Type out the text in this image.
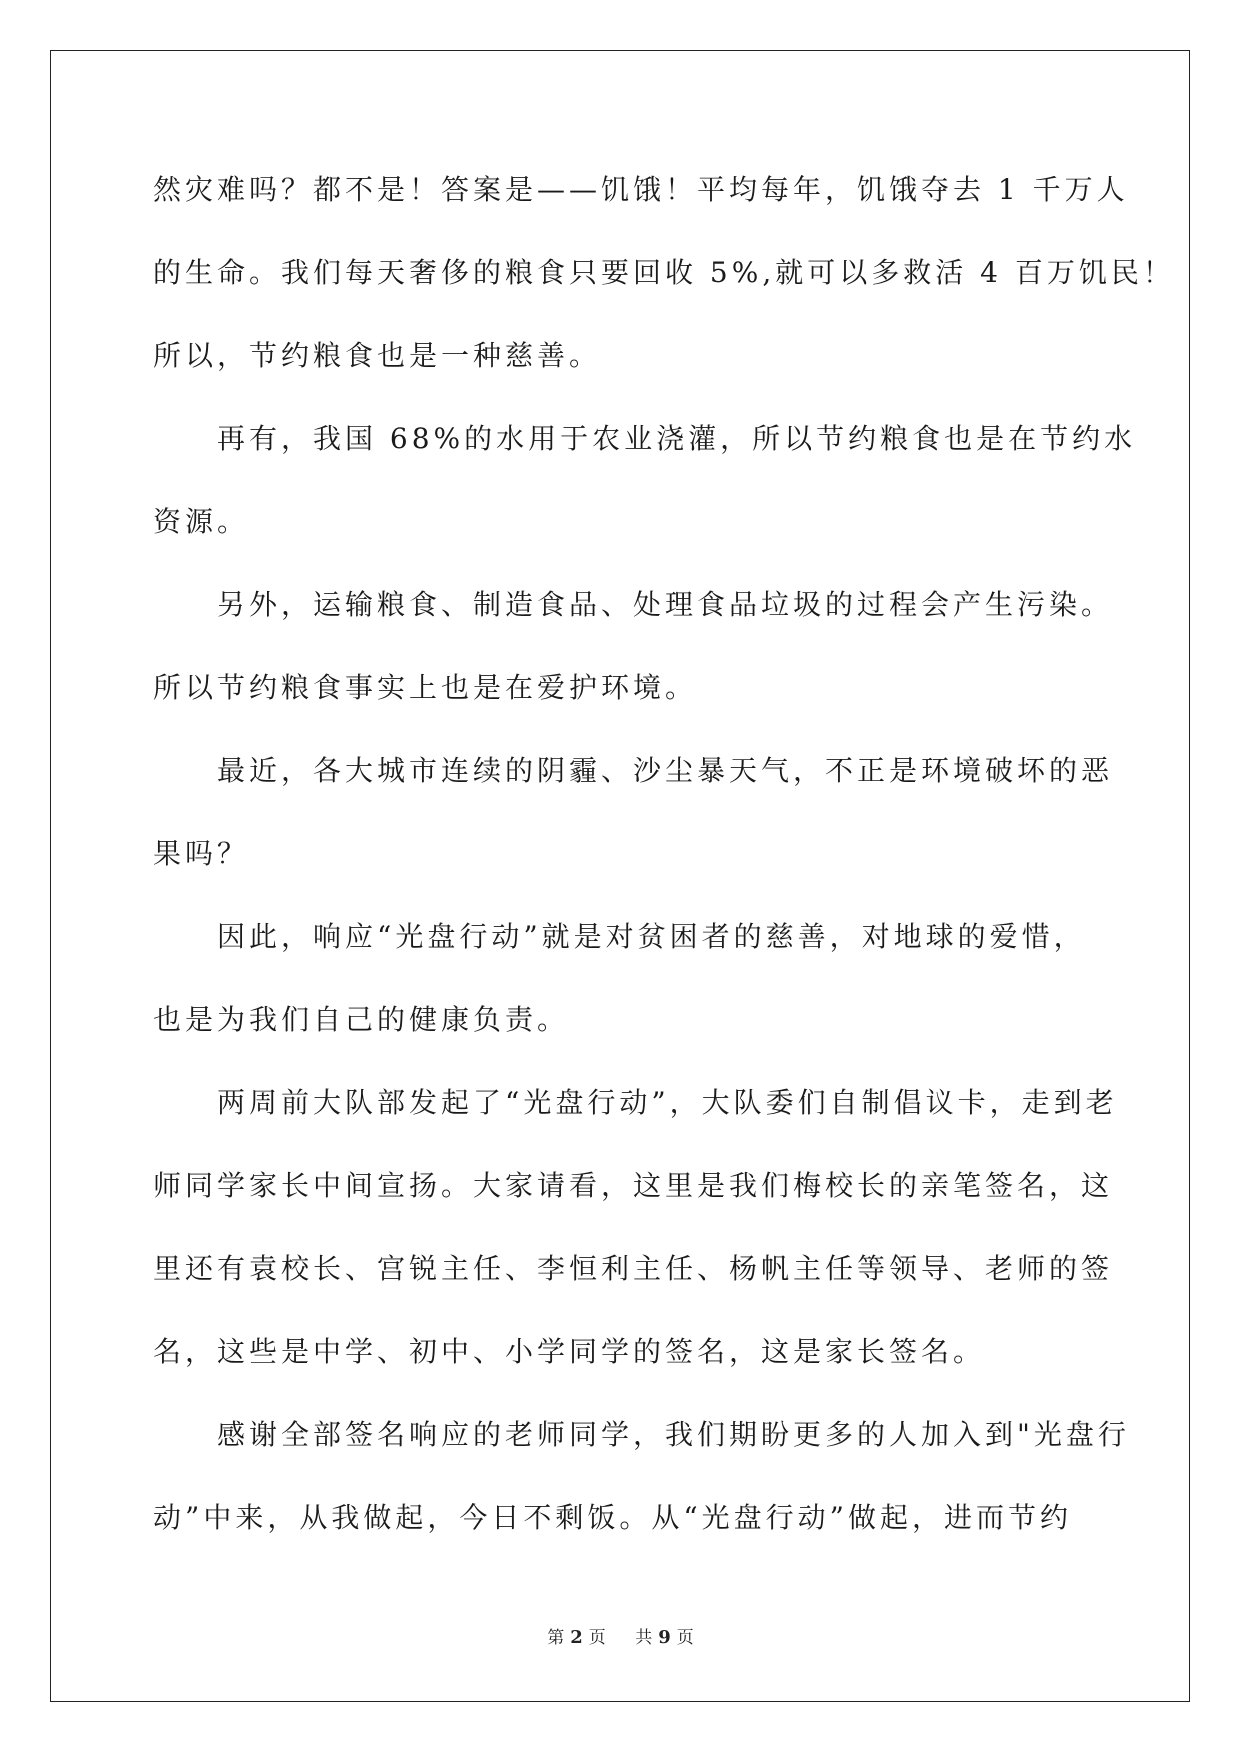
然灾难吗？都不是！答案是——饥饿！平均每年，饥饿夺去 1 千万人
的生命。我们每天奢侈的粮食只要回收 5%,就可以多救活 4 百万饥民！
所以，节约粮食也是一种慈善。
再有，我国 68%的水用于农业浇灌，所以节约粮食也是在节约水
资源。
另外，运输粮食、制造食品、处理食品垃圾的过程会产生污染。
所以节约粮食事实上也是在爱护环境。
最近，各大城市连续的阴霾、沙尘暴天气，不正是环境破坏的恶
果吗？
因此，响应“光盘行动”就是对贫困者的慈善，对地球的爱惜，
也是为我们自己的健康负责。
两周前大队部发起了“光盘行动”，大队委们自制倡议卡，走到老
师同学家长中间宣扬。大家请看，这里是我们梅校长的亲笔签名，这
里还有袁校长、宫锐主任、李恒利主任、杨帆主任等领导、老师的签
名，这些是中学、初中、小学同学的签名，这是家长签名。
感谢全部签名响应的老师同学，我们期盼更多的人加入到"光盘行
动”中来，从我做起，今日不剩饭。从“光盘行动”做起，进而节约
第 2 页 共 9 页
